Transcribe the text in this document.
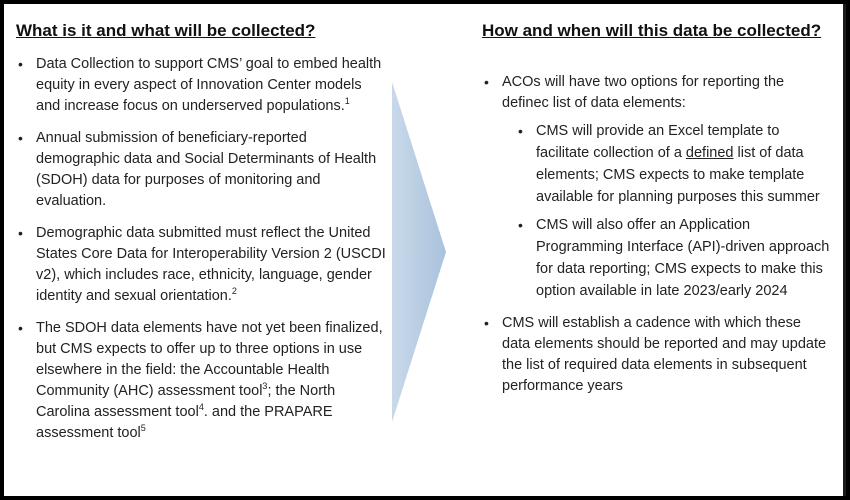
What is it and what will be collected?
• Data Collection to support CMS’ goal to embed health equity in every aspect of Innovation Center models and increase focus on underserved populations.$^1$
• Annual submission of beneficiary-reported demographic data and Social Determinants of Health (SDOH) data for purposes of monitoring and evaluation.
• Demographic data submitted must reflect the United States Core Data for Interoperability Version 2 (USCDI v2), which includes race, ethnicity, language, gender identity and sexual orientation.$^2$
• The SDOH data elements have not yet been finalized, but CMS expects to offer up to three options in use elsewhere in the field: the Accountable Health Community (AHC) assessment tool$^3$; the North Carolina assessment tool$^4$. and the PRAPARE assessment tool$^5$
How and when will this data be collected?
• ACOs will have two options for reporting the definec list of data elements:
• CMS will provide an Excel template to facilitate collection of a defined list of data elements; CMS expects to make template available for planning purposes this summer
• CMS will also offer an Application Programming Interface (API)-driven approach for data reporting; CMS expects to make this option available in late 2023/early 2024
• CMS will establish a cadence with which these data elements should be reported and may update the list of required data elements in subsequent performance years
